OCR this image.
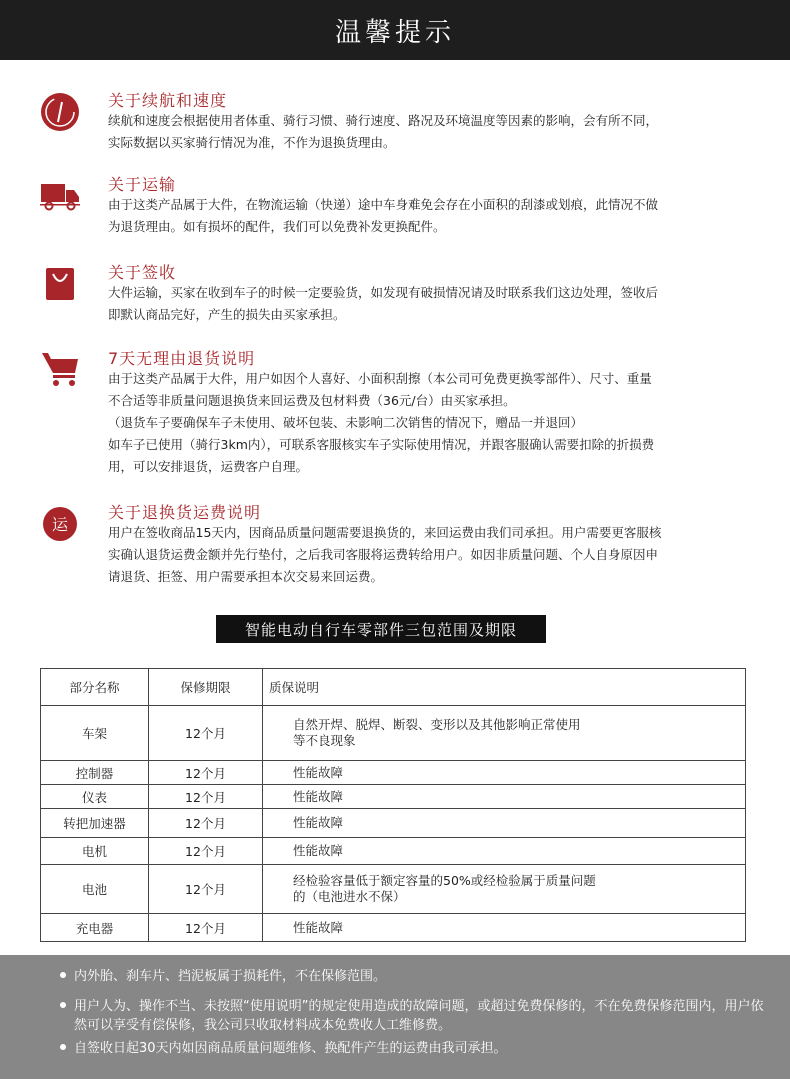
温馨提示
关于续航和速度

续航和速度会根据使用者体重、骑行习惯、骑行速度、路况及环境温度等因素的影响，会有所不同，

实际数据以买家骑行情况为准，不作为退换货理由。

关于运输

由于这类产品属于大件，在物流运输（快递）途中车身难免会存在小面积的刮漆或划痕，此情况不做

为退货理由。如有损坏的配件，我们可以免费补发更换配件。

关于签收

大件运输，买家在收到车子的时候一定要验货，如发现有破损情况请及时联系我们这边处理，签收后

即默认商品完好，产生的损失由买家承担。

7天无理由退货说明

由于这类产品属于大件，用户如因个人喜好、小面积刮擦（本公司可免费更换零部件）、尺寸、重量

不合适等非质量问题退换货来回运费及包材料费（36元/台）由买家承担。

（退货车子要确保车子未使用、破坏包装、未影响二次销售的情况下，赠品一并退回）

如车子已使用（骑行3km内），可联系客服核实车子实际使用情况，并跟客服确认需要扣除的折损费

用，可以安排退货，运费客户自理。

运
关于退换货运费说明

用户在签收商品15天内，因商品质量问题需要退换货的，来回运费由我们司承担。用户需要更客服核

实确认退货运费金额并先行垫付，之后我司客服将运费转给用户。如因非质量问题、个人自身原因申

请退货、拒签、用户需要承担本次交易来回运费。

智能电动自行车零部件三包范围及期限
部分名称	保修期限	质保说明
车架	12个月	自然开焊、脱焊、断裂、变形以及其他影响正常使用
等不良现象

控制器	12个月	性能故障

仪表	12个月	性能故障

转把加速器	12个月	性能故障

电机	12个月	性能故障

电池	12个月	经检验容量低于额定容量的50%或经检验属于质量问题
的（电池进水不保）

充电器	12个月	性能故障
内外胎、刹车片、挡泥板属于损耗件，不在保修范围。
用户人为、操作不当、未按照“使用说明”的规定使用造成的故障问题，或超过免费保修的，不在免费保修范围内，用户依然可以享受有偿保修，我公司只收取材料成本免费收人工维修费。
自签收日起30天内如因商品质量问题维修、换配件产生的运费由我司承担。
